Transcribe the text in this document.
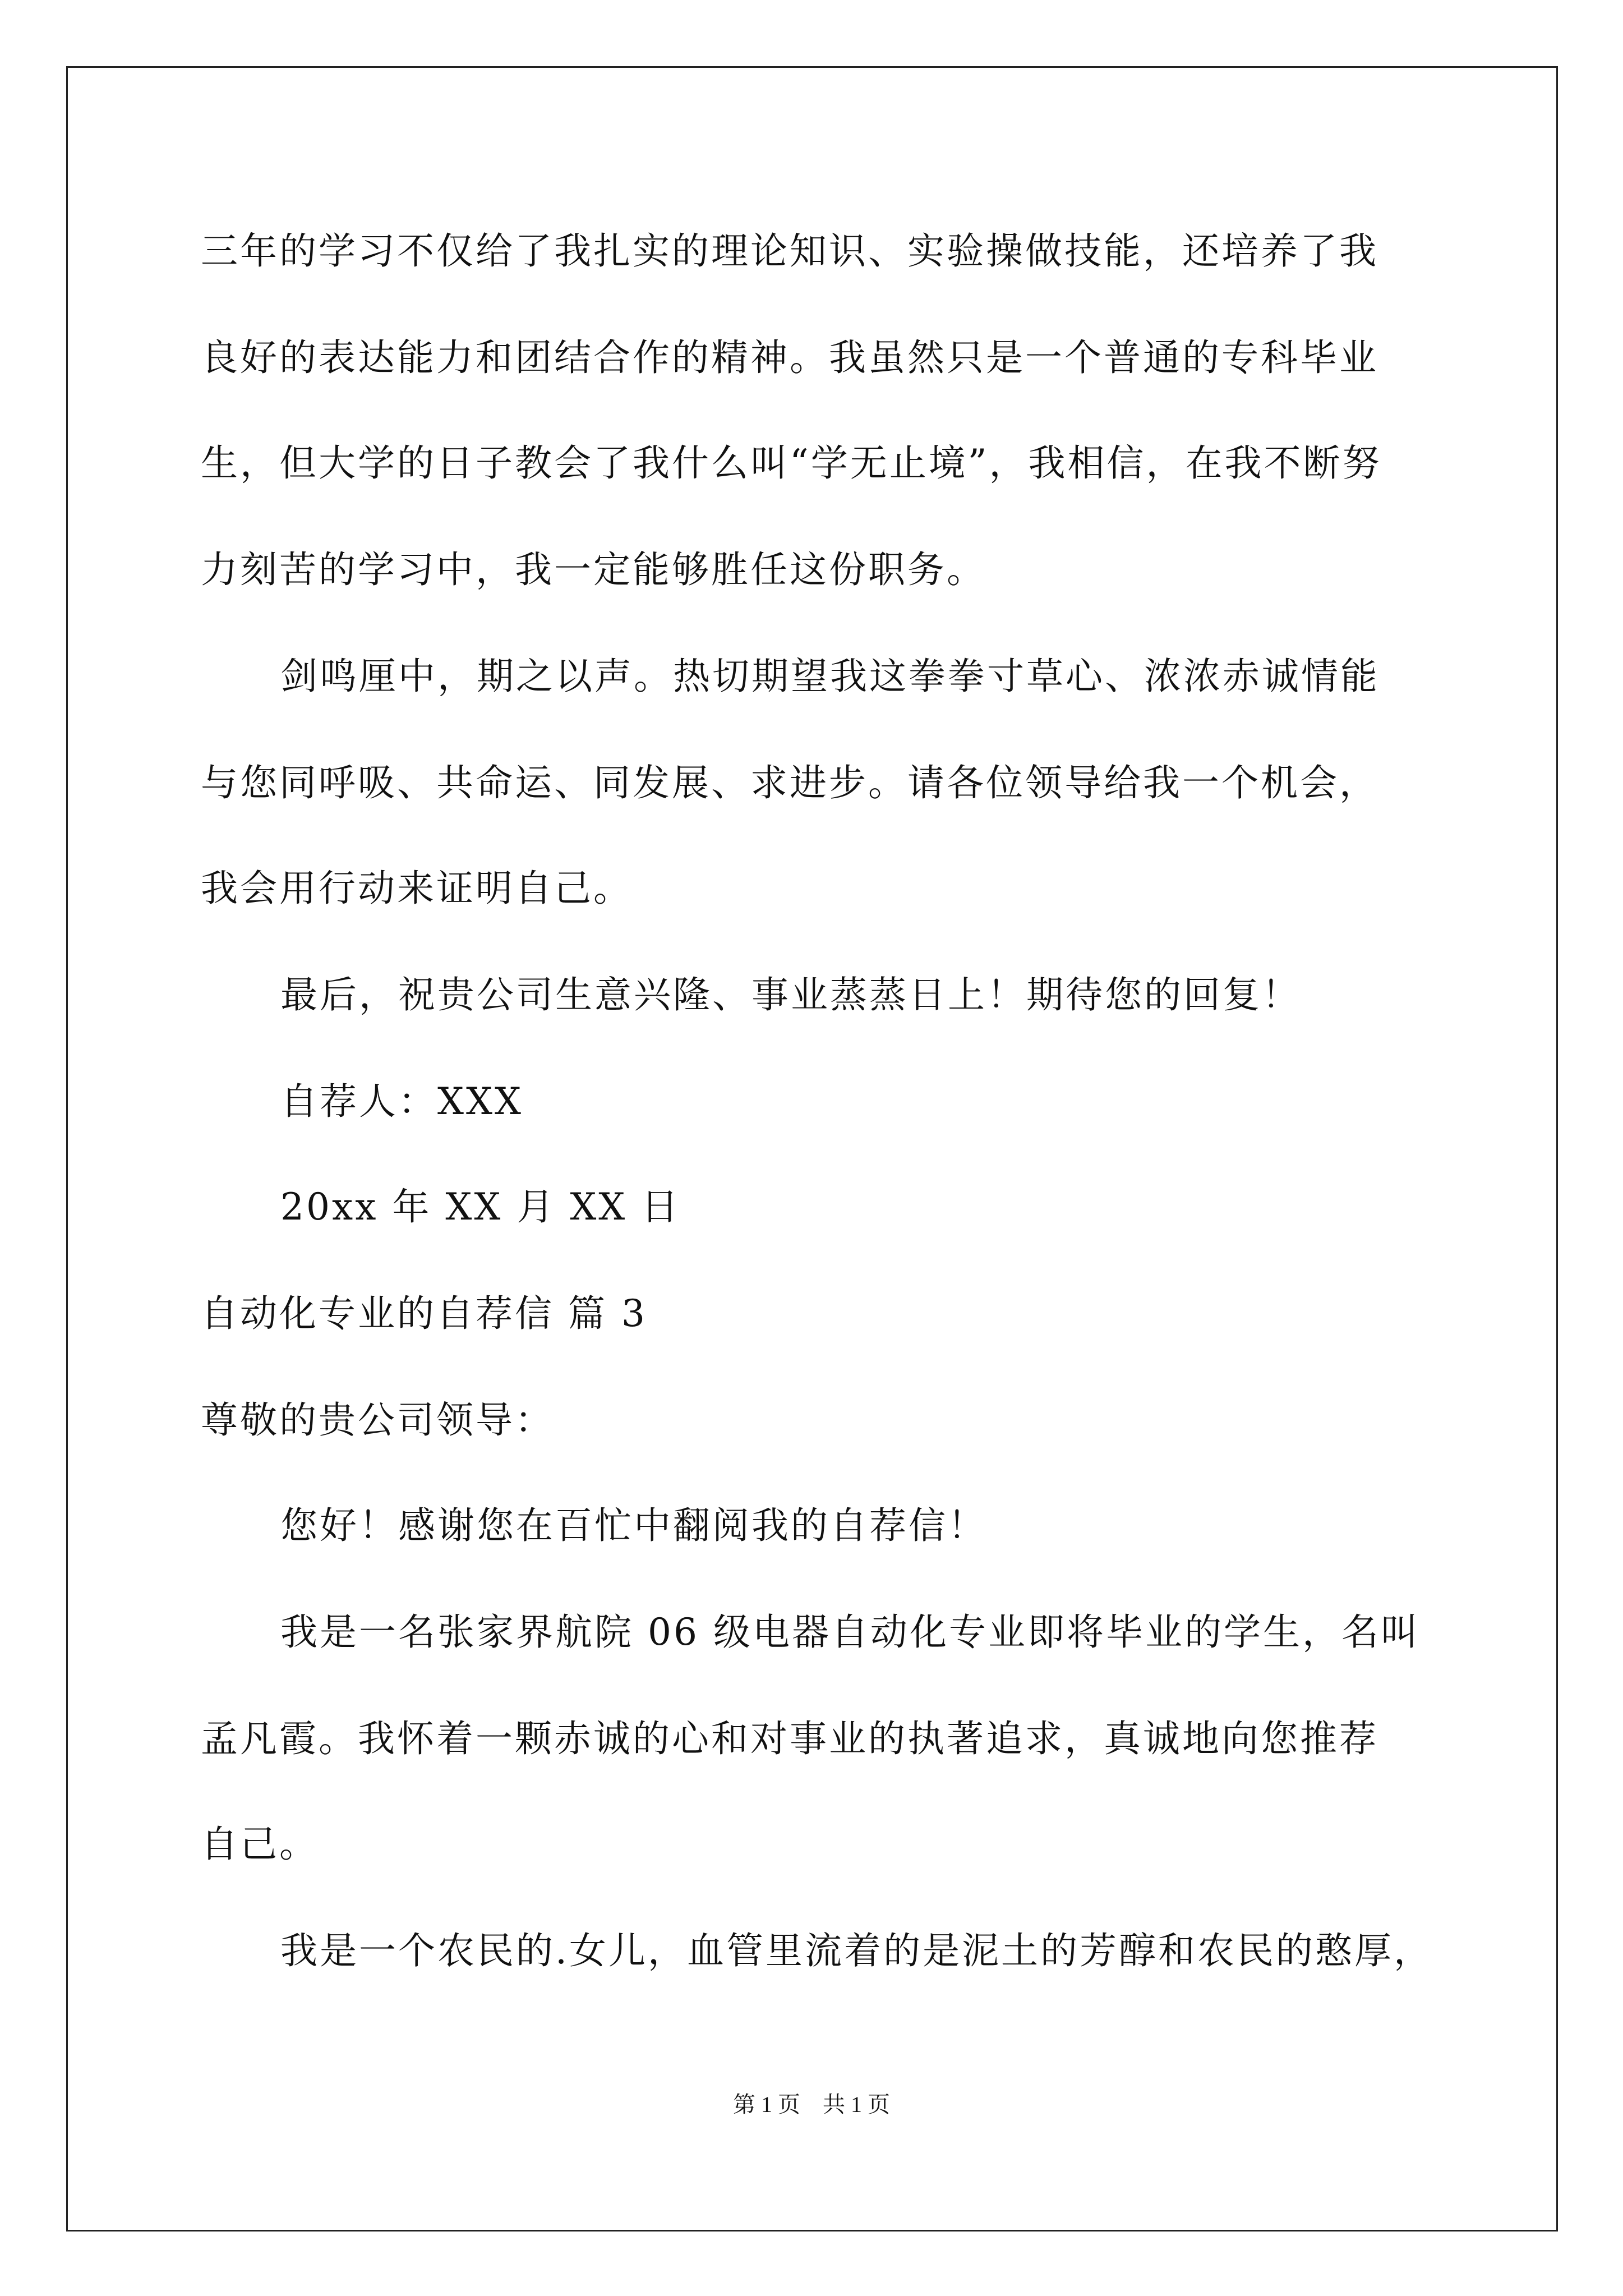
三年的学习不仅给了我扎实的理论知识、实验操做技能，还培养了我
良好的表达能力和团结合作的精神。我虽然只是一个普通的专科毕业
生，但大学的日子教会了我什么叫“学无止境”，我相信，在我不断努
力刻苦的学习中，我一定能够胜任这份职务。
剑鸣厘中，期之以声。热切期望我这拳拳寸草心、浓浓赤诚情能
与您同呼吸、共命运、同发展、求进步。请各位领导给我一个机会，
我会用行动来证明自己。
最后，祝贵公司生意兴隆、事业蒸蒸日上！期待您的回复！
自荐人：XXX
20xx 年 XX 月 XX 日
自动化专业的自荐信 篇 3
尊敬的贵公司领导：
您好！感谢您在百忙中翻阅我的自荐信！
我是一名张家界航院 06 级电器自动化专业即将毕业的学生，名叫
孟凡霞。我怀着一颗赤诚的心和对事业的执著追求，真诚地向您推荐
自己。
我是一个农民的.女儿，血管里流着的是泥土的芳醇和农民的憨厚，
第 1 页　共 1 页
